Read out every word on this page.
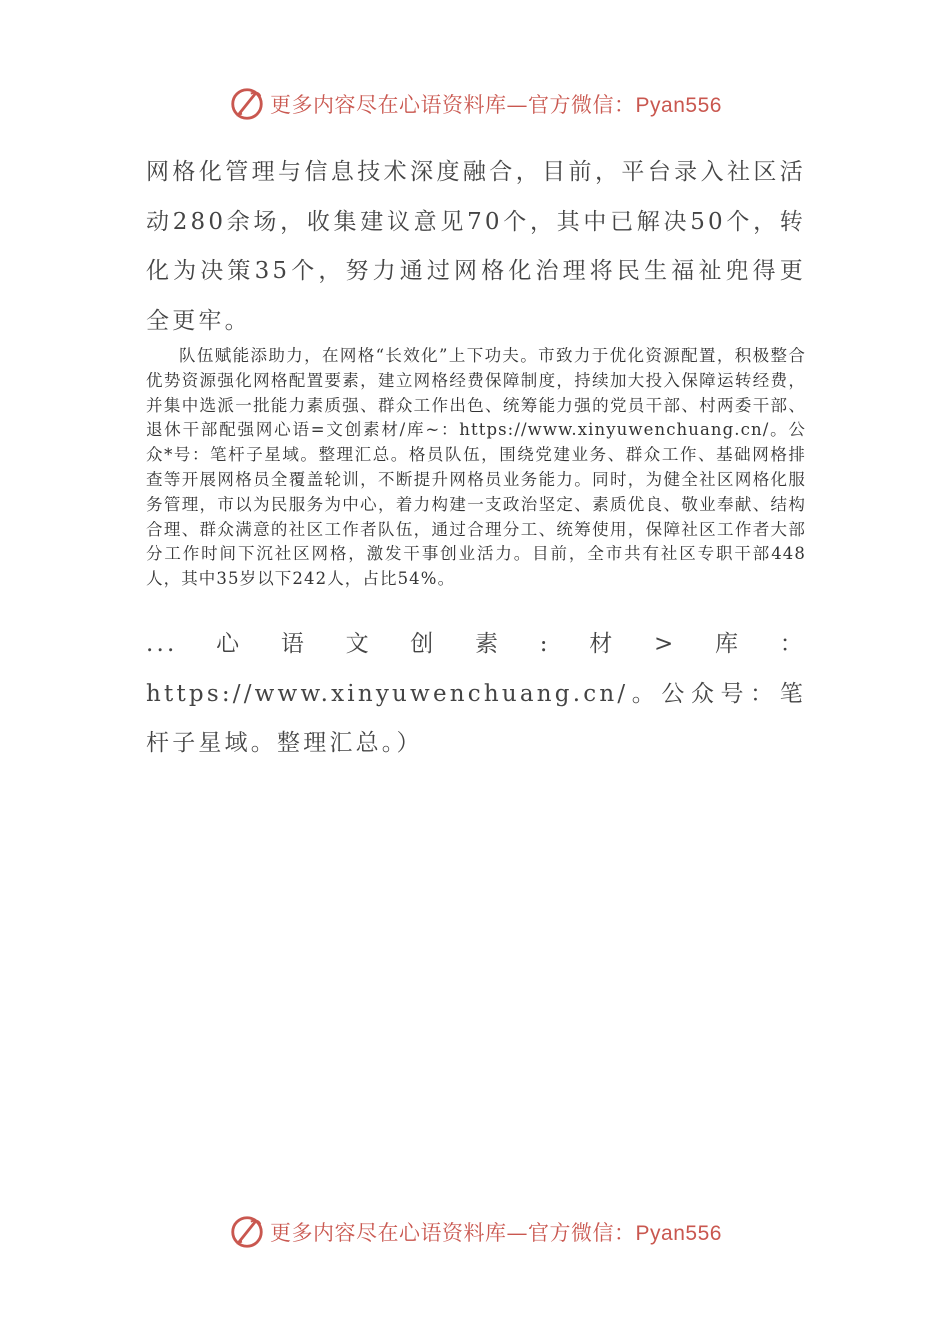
更多内容尽在心语资料库—官方微信：Pyan556
网格化管理与信息技术深度融合，目前，平台录入社区活动280余场，收集建议意见70个，其中已解决50个，转化为决策35个，努力通过网格化治理将民生福祉兜得更全更牢。
队伍赋能添助力，在网格“长效化”上下功夫。市致力于优化资源配置，积极整合优势资源强化网格配置要素，建立网格经费保障制度，持续加大投入保障运转经费，并集中选派一批能力素质强、群众工作出色、统筹能力强的党员干部、村两委干部、退休干部配强网心语=文创素材/库~：https://www.xinyuwenchuang.cn/。公众*号：笔杆子星域。整理汇总。格员队伍，围绕党建业务、群众工作、基础网格排查等开展网格员全覆盖轮训，不断提升网格员业务能力。同时，为健全社区网格化服务管理，市以为民服务为中心，着力构建一支政治坚定、素质优良、敬业奉献、结构合理、群众满意的社区工作者队伍，通过合理分工、统筹使用，保障社区工作者大部分工作时间下沉社区网格，激发干事创业活力。目前，全市共有社区专职干部448人，其中35岁以下242人，占比54%。
...心语文创素:材>库：https://www.xinyuwenchuang.cn/。公众号：笔杆子星域。整理汇总。）
更多内容尽在心语资料库—官方微信：Pyan556
